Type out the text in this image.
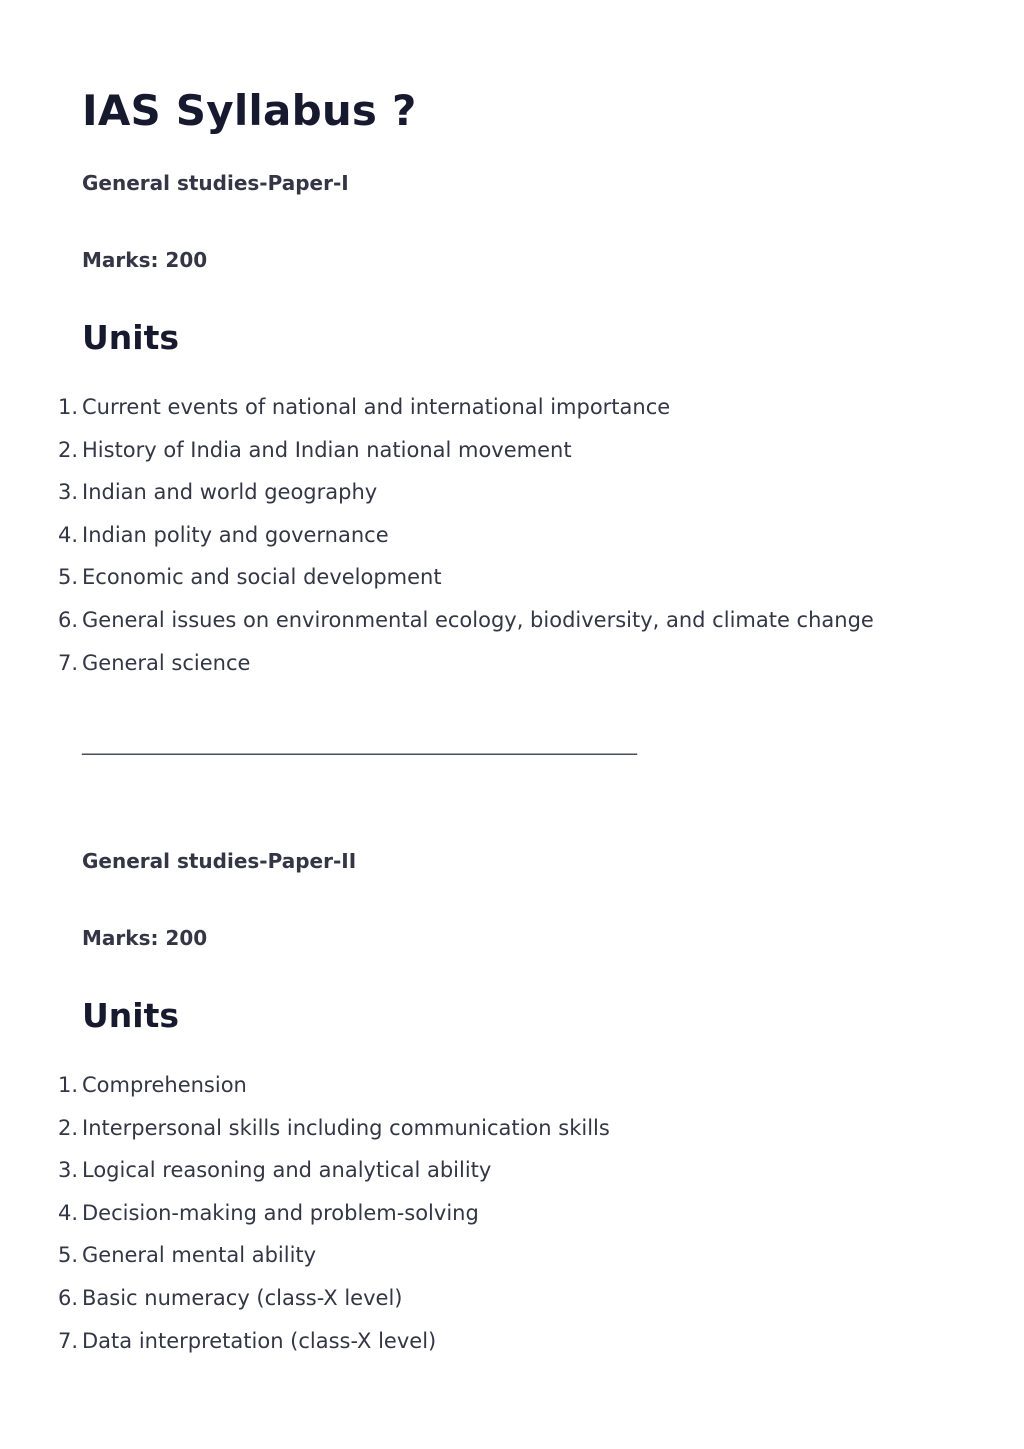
IAS Syllabus ?
General studies-Paper-I
Marks: 200
Units
1. Current events of national and international importance
2. History of India and Indian national movement
3. Indian and world geography
4. Indian polity and governance
5. Economic and social development
6. General issues on environmental ecology, biodiversity, and climate change
7. General science
________________________________________________________
General studies-Paper-II
Marks: 200
Units
1. Comprehension
2. Interpersonal skills including communication skills
3. Logical reasoning and analytical ability
4. Decision-making and problem-solving
5. General mental ability
6. Basic numeracy (class-X level)
7. Data interpretation (class-X level)
